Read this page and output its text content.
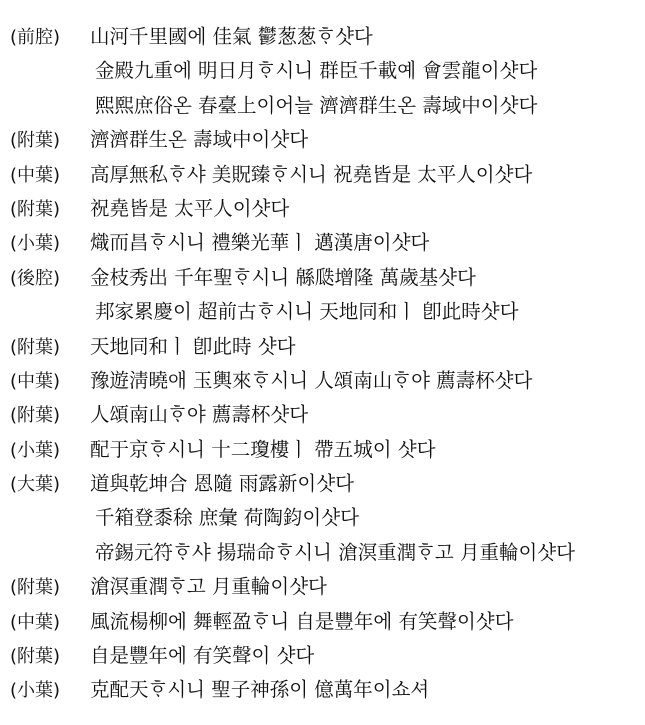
(前腔)	山河千里國에 佳氣 鬱葱葱ᄒᆞ샷다
金殿九重에 明日月ᄒᆞ시니 群臣千載예 會雲龍이샷다
熙熙庶俗온 春臺上이어늘 濟濟群生온 壽域中이샷다
(附葉)	濟濟群生온 壽域中이샷다
(中葉)	高厚無私ᄒᆞ샤 美貺臻ᄒᆞ시니 祝堯皆是 太平人이샷다
(附葉)	祝堯皆是 太平人이샷다
(小葉)	熾而昌ᄒᆞ시니 禮樂光華ㅣ 邁漢唐이샷다
(後腔)	金枝秀出 千年聖ᄒᆞ시니 緜瓞增隆 萬歲基샷다
邦家累慶이 超前古ᄒᆞ시니 天地同和ㅣ 卽此時샷다
(附葉)	天地同和ㅣ 卽此時 샷다
(中葉)	豫遊淸曉애 玉輿來ᄒᆞ시니 人頌南山ᄒᆞ야 薦壽杯샷다
(附葉)	人頌南山ᄒᆞ야 薦壽杯샷다
(小葉)	配于京ᄒᆞ시니 十二瓊樓ㅣ 帶五城이 샷다
(大葉)	道與乾坤合 恩隨 雨露新이샷다
千箱登黍稌 庶彙 荷陶鈞이샷다
帝錫元符ᄒᆞ샤 揚瑞命ᄒᆞ시니 滄溟重潤ᄒᆞ고 月重輪이샷다
(附葉)	滄溟重潤ᄒᆞ고 月重輪이샷다
(中葉)	風流楊柳에 舞輕盈ᄒᆞ니 自是豐年에 有笑聲이샷다
(附葉)	自是豐年에 有笑聲이 샷다
(小葉)	克配天ᄒᆞ시니 聖子神孫이 億萬年이쇼셔
